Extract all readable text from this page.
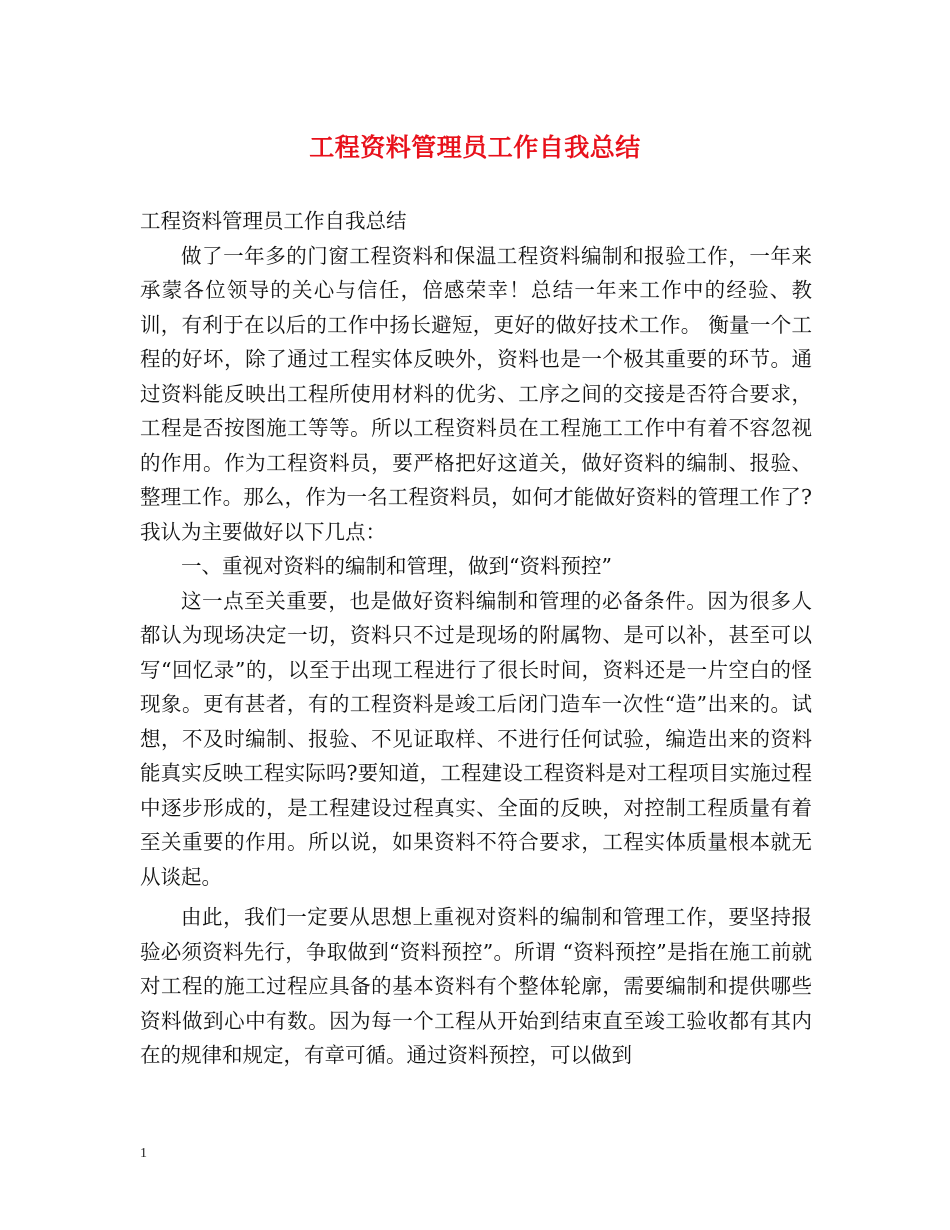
工程资料管理员工作自我总结

工程资料管理员工作自我总结

做了一年多的门窗工程资料和保温工程资料编制和报验工作，一年来承蒙各位领导的关心与信任，倍感荣幸！总结一年来工作中的经验、教训，有利于在以后的工作中扬长避短，更好的做好技术工作。 衡量一个工程的好坏，除了通过工程实体反映外，资料也是一个极其重要的环节。通过资料能反映出工程所使用材料的优劣、工序之间的交接是否符合要求，工程是否按图施工等等。所以工程资料员在工程施工工作中有着不容忽视的作用。作为工程资料员，要严格把好这道关，做好资料的编制、报验、整理工作。那么，作为一名工程资料员，如何才能做好资料的管理工作了?我认为主要做好以下几点：

一、重视对资料的编制和管理，做到“资料预控”

这一点至关重要，也是做好资料编制和管理的必备条件。因为很多人都认为现场决定一切，资料只不过是现场的附属物、是可以补，甚至可以写“回忆录”的，以至于出现工程进行了很长时间，资料还是一片空白的怪现象。更有甚者，有的工程资料是竣工后闭门造车一次性“造”出来的。试想，不及时编制、报验、不见证取样、不进行任何试验，编造出来的资料能真实反映工程实际吗?要知道，工程建设工程资料是对工程项目实施过程中逐步形成的，是工程建设过程真实、全面的反映，对控制工程质量有着至关重要的作用。所以说，如果资料不符合要求，工程实体质量根本就无从谈起。

由此，我们一定要从思想上重视对资料的编制和管理工作，要坚持报验必须资料先行，争取做到“资料预控”。所谓 “资料预控”是指在施工前就对工程的施工过程应具备的基本资料有个整体轮廓，需要编制和提供哪些资料做到心中有数。因为每一个工程从开始到结束直至竣工验收都有其内在的规律和规定，有章可循。通过资料预控，可以做到

1
